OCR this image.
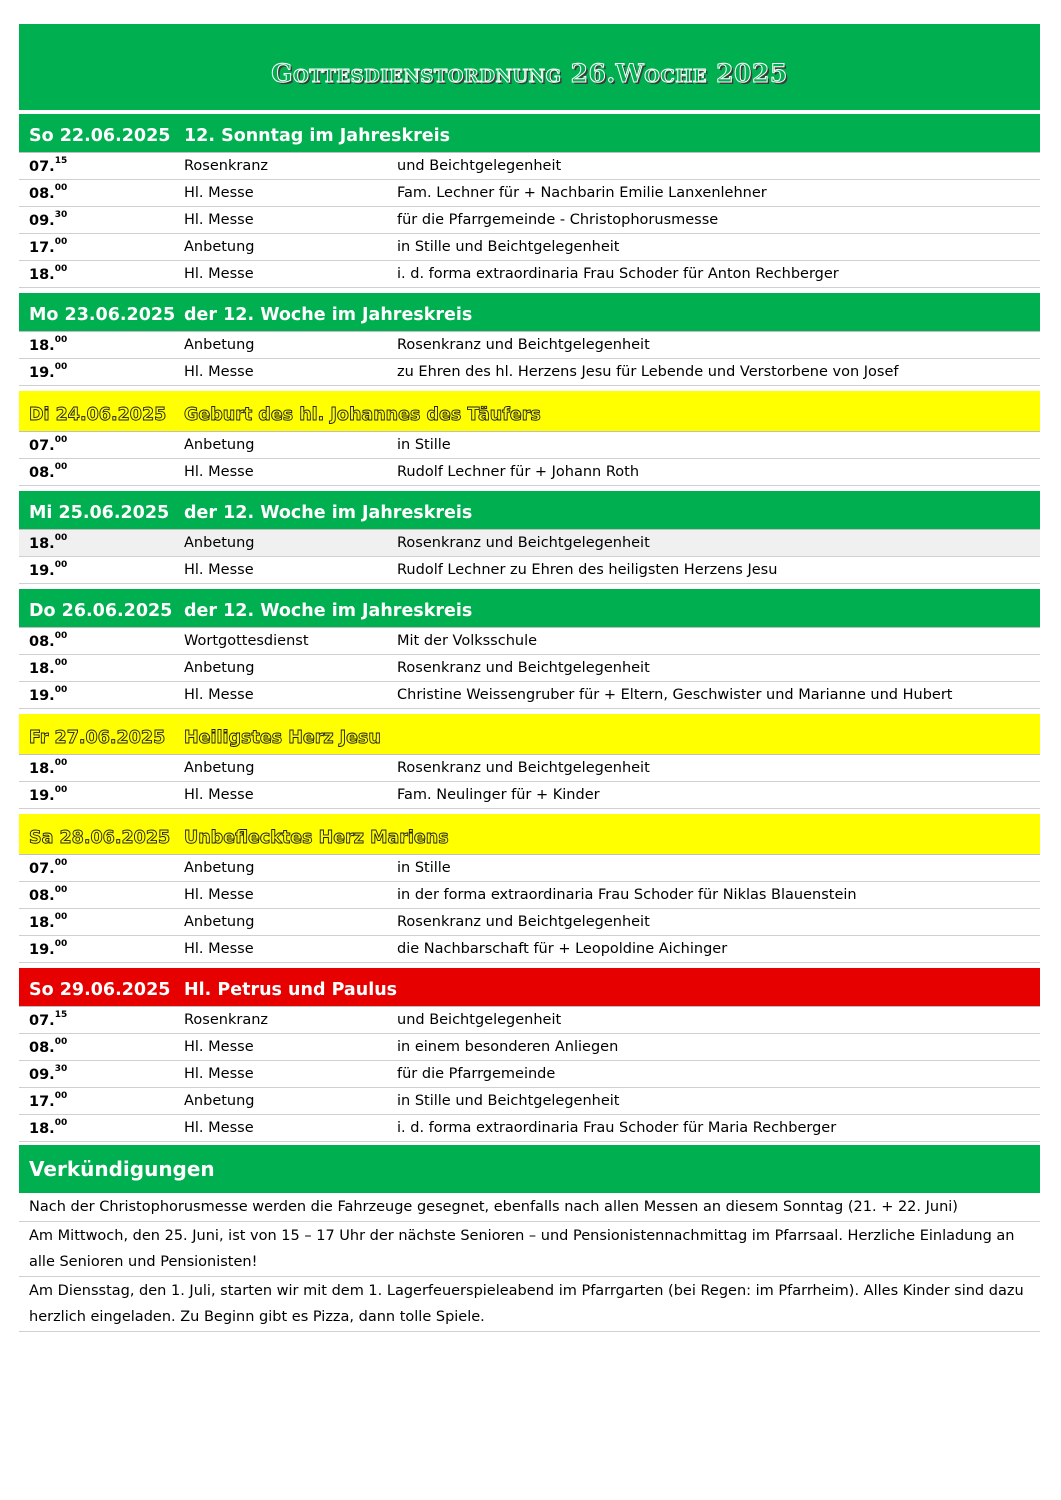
Gottesdienstordnung 26.Woche 2025
So 22.06.2025 12. Sonntag im Jahreskreis
07.15	Rosenkranz	und Beichtgelegenheit
08.00	Hl. Messe	Fam. Lechner für + Nachbarin Emilie Lanxenlehner
09.30	Hl. Messe	für die Pfarrgemeinde - Christophorusmesse
17.00	Anbetung	in Stille und Beichtgelegenheit
18.00	Hl. Messe	i. d. forma extraordinaria Frau Schoder für Anton Rechberger
Mo 23.06.2025 der 12. Woche im Jahreskreis
18.00	Anbetung	Rosenkranz und Beichtgelegenheit
19.00	Hl. Messe	zu Ehren des hl. Herzens Jesu für Lebende und Verstorbene von Josef
Di 24.06.2025	Geburt des hl. Johannes des Täufers
07.00	Anbetung	in Stille
08.00	Hl. Messe	Rudolf Lechner für + Johann Roth
Mi 25.06.2025 der 12. Woche im Jahreskreis
18.00	Anbetung	Rosenkranz und Beichtgelegenheit
19.00	Hl. Messe	Rudolf Lechner zu Ehren des heiligsten Herzens Jesu
Do 26.06.2025 der 12. Woche im Jahreskreis
08.00	Wortgottesdienst	Mit der Volksschule
18.00	Anbetung	Rosenkranz und Beichtgelegenheit
19.00	Hl. Messe	Christine Weissengruber für + Eltern, Geschwister und Marianne und Hubert
Fr 27.06.2025	Heiligstes Herz Jesu
18.00	Anbetung	Rosenkranz und Beichtgelegenheit
19.00	Hl. Messe	Fam. Neulinger für + Kinder
Sa 28.06.2025 Unbeflecktes Herz Mariens
07.00	Anbetung	in Stille
08.00	Hl. Messe	in der forma extraordinaria Frau Schoder für Niklas Blauenstein
18.00	Anbetung	Rosenkranz und Beichtgelegenheit
19.00	Hl. Messe	die Nachbarschaft für + Leopoldine Aichinger
So 29.06.2025 Hl. Petrus und Paulus
07.15	Rosenkranz	und Beichtgelegenheit
08.00	Hl. Messe	in einem besonderen Anliegen
09.30	Hl. Messe	für die Pfarrgemeinde
17.00	Anbetung	in Stille und Beichtgelegenheit
18.00	Hl. Messe	i. d. forma extraordinaria Frau Schoder für Maria Rechberger
Verkündigungen
Nach der Christophorusmesse werden die Fahrzeuge gesegnet, ebenfalls nach allen Messen an diesem Sonntag (21. + 22. Juni)
Am Mittwoch, den 25. Juni, ist von 15 – 17 Uhr der nächste Senioren – und Pensionistennachmittag im Pfarrsaal. Herzliche Einladung an alle Senioren und Pensionisten!
Am Diensstag, den 1. Juli, starten wir mit dem 1. Lagerfeuerspieleabend im Pfarrgarten (bei Regen: im Pfarrheim). Alles Kinder sind dazu herzlich eingeladen. Zu Beginn gibt es Pizza, dann tolle Spiele.
